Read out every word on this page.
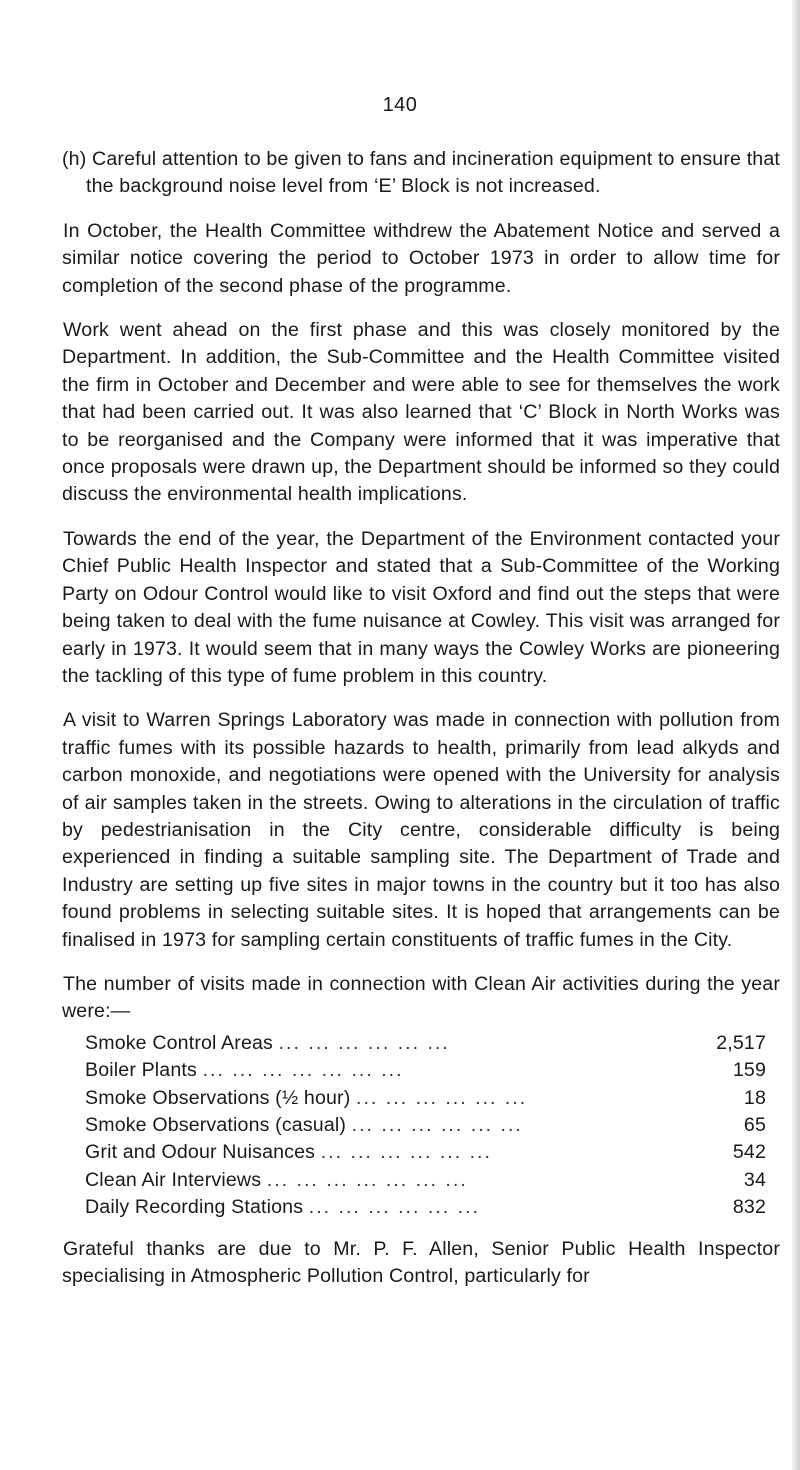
140

(h) Careful attention to be given to fans and incineration equipment to ensure that the background noise level from ‘E’ Block is not increased.

In October, the Health Committee withdrew the Abatement Notice and served a similar notice covering the period to October 1973 in order to allow time for completion of the second phase of the programme.

Work went ahead on the first phase and this was closely monitored by the Department. In addition, the Sub-Committee and the Health Committee visited the firm in October and December and were able to see for themselves the work that had been carried out. It was also learned that ‘C’ Block in North Works was to be reorganised and the Company were informed that it was imperative that once proposals were drawn up, the Department should be informed so they could discuss the environmental health implications.

Towards the end of the year, the Department of the Environment contacted your Chief Public Health Inspector and stated that a Sub-Committee of the Working Party on Odour Control would like to visit Oxford and find out the steps that were being taken to deal with the fume nuisance at Cowley. This visit was arranged for early in 1973. It would seem that in many ways the Cowley Works are pioneering the tackling of this type of fume problem in this country.

A visit to Warren Springs Laboratory was made in connection with pollution from traffic fumes with its possible hazards to health, primarily from lead alkyds and carbon monoxide, and negotiations were opened with the University for analysis of air samples taken in the streets. Owing to alterations in the circulation of traffic by pedestrianisation in the City centre, considerable difficulty is being experienced in finding a suitable sampling site. The Department of Trade and Industry are setting up five sites in major towns in the country but it too has also found problems in selecting suitable sites. It is hoped that arrangements can be finalised in 1973 for sampling certain constituents of traffic fumes in the City.

The number of visits made in connection with Clean Air activities during the year were:—

Smoke Control Areas ... ... ... ... ... ...	2,517
Boiler Plants ... ... ... ... ... ... ...	159
Smoke Observations (½ hour) ... ... ... ... ... ...	18
Smoke Observations (casual) ... ... ... ... ... ...	65
Grit and Odour Nuisances ... ... ... ... ... ...	542
Clean Air Interviews ... ... ... ... ... ... ...	34
Daily Recording Stations ... ... ... ... ... ...	832

Grateful thanks are due to Mr. P. F. Allen, Senior Public Health Inspector specialising in Atmospheric Pollution Control, particularly for
